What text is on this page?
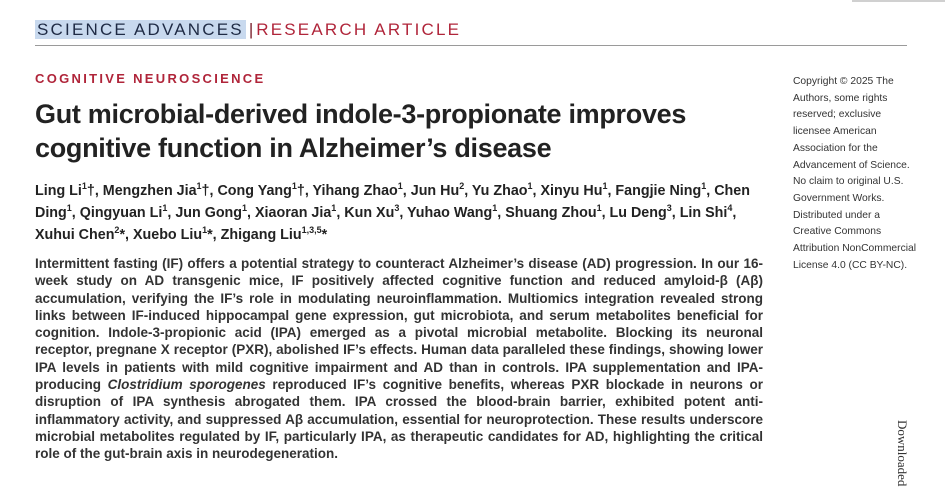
SCIENCE ADVANCES | RESEARCH ARTICLE
COGNITIVE NEUROSCIENCE
Gut microbial-derived indole-3-propionate improves cognitive function in Alzheimer’s disease
Ling Li$^1$†, Mengzhen Jia$^1$†, Cong Yang$^1$†, Yihang Zhao$^1$, Jun Hu$^2$, Yu Zhao$^1$, Xinyu Hu$^1$, Fangjie Ning$^1$, Chen Ding$^1$, Qingyuan Li$^1$, Jun Gong$^1$, Xiaoran Jia$^1$, Kun Xu$^3$, Yuhao Wang$^1$, Shuang Zhou$^1$, Lu Deng$^3$, Lin Shi$^4$, Xuhui Chen$^2$*, Xuebo Liu$^1$*, Zhigang Liu$^{1,3,5}$*

Intermittent fasting (IF) offers a potential strategy to counteract Alzheimer’s disease (AD) progression. In our 16-week study on AD transgenic mice, IF positively affected cognitive function and reduced amyloid-β (Aβ) accumulation, verifying the IF’s role in modulating neuroinflammation. Multiomics integration revealed strong links between IF-induced hippocampal gene expression, gut microbiota, and serum metabolites beneficial for cognition. Indole-3-propionic acid (IPA) emerged as a pivotal microbial metabolite. Blocking its neuronal receptor, pregnane X receptor (PXR), abolished IF’s effects. Human data paralleled these findings, showing lower IPA levels in patients with mild cognitive impairment and AD than in controls. IPA supplementation and IPA-producing Clostridium sporogenes reproduced IF’s cognitive benefits, whereas PXR blockade in neurons or disruption of IPA synthesis abrogated them. IPA crossed the blood-brain barrier, exhibited potent anti-inflammatory activity, and suppressed Aβ accumulation, essential for neuroprotection. These results underscore microbial metabolites regulated by IF, particularly IPA, as therapeutic candidates for AD, highlighting the critical role of the gut-brain axis in neurodegeneration.

Copyright © 2025 The Authors, some rights reserved; exclusive licensee American Association for the Advancement of Science. No claim to original U.S. Government Works. Distributed under a Creative Commons Attribution NonCommercial License 4.0 (CC BY-NC).
Downloaded
